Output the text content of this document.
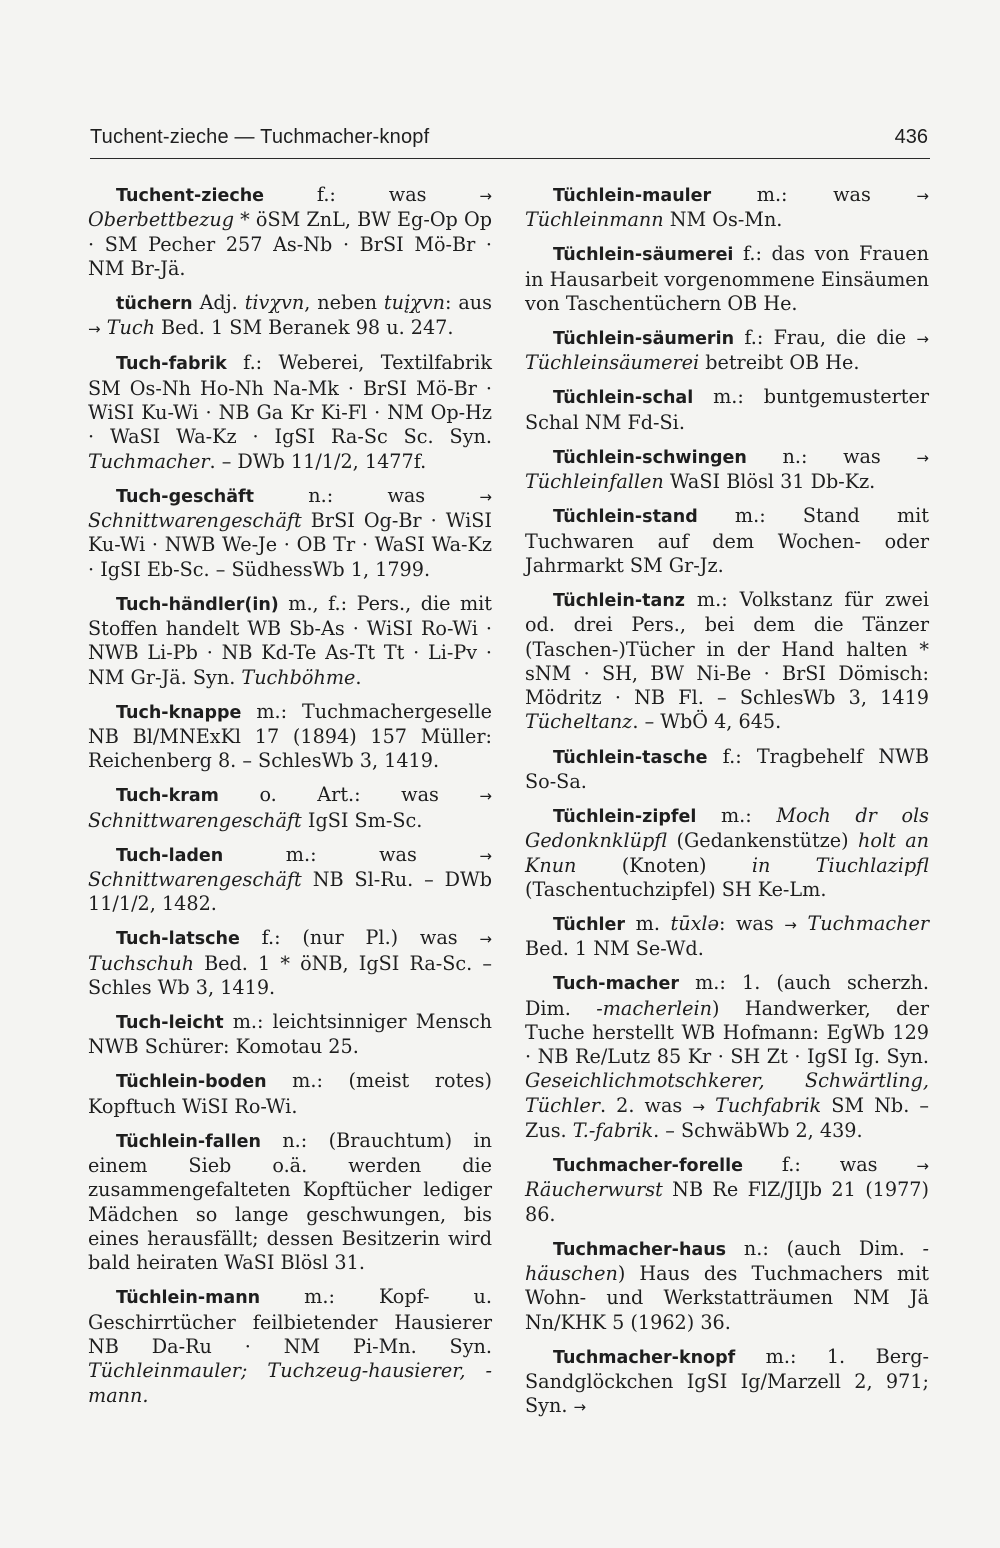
Tuchent-zieche — Tuchmacher-knopf	436

Tuchent-zieche f.: was → Oberbettbezug * öSM ZnL, BW Eg-Op Op · SM Pecher 257 As-Nb · BrSI Mö-Br · NM Br-Jä.

tüchern Adj. tivχvn, neben tuįχvn: aus → Tuch Bed. 1 SM Beranek 98 u. 247.

Tuch-fabrik f.: Weberei, Textilfabrik SM Os-Nh Ho-Nh Na-Mk · BrSI Mö-Br · WiSI Ku-Wi · NB Ga Kr Ki-Fl · NM Op-Hz · WaSI Wa-Kz · IgSI Ra-Sc Sc. Syn. Tuchmacher. – DWb 11/1/2, 1477f.

Tuch-geschäft n.: was → Schnittwarengeschäft BrSI Og-Br · WiSI Ku-Wi · NWB We-Je · OB Tr · WaSI Wa-Kz · IgSI Eb-Sc. – SüdhessWb 1, 1799.

Tuch-händler(in) m., f.: Pers., die mit Stoffen handelt WB Sb-As · WiSI Ro-Wi · NWB Li-Pb · NB Kd-Te As-Tt Tt · Li-Pv · NM Gr-Jä. Syn. Tuchböhme.

Tuch-knappe m.: Tuchmachergeselle NB Bl/MNExKl 17 (1894) 157 Müller: Reichenberg 8. – SchlesWb 3, 1419.

Tuch-kram o. Art.: was → Schnittwarengeschäft IgSI Sm-Sc.

Tuch-laden m.: was → Schnittwarengeschäft NB Sl-Ru. – DWb 11/1/2, 1482.

Tuch-latsche f.: (nur Pl.) was → Tuchschuh Bed. 1 * öNB, IgSI Ra-Sc. – Schles Wb 3, 1419.

Tuch-leicht m.: leichtsinniger Mensch NWB Schürer: Komotau 25.

Tüchlein-boden m.: (meist rotes) Kopftuch WiSI Ro-Wi.

Tüchlein-fallen n.: (Brauchtum) in einem Sieb o.ä. werden die zusammengefalteten Kopftücher lediger Mädchen so lange geschwungen, bis eines herausfällt; dessen Besitzerin wird bald heiraten WaSI Blösl 31.

Tüchlein-mann m.: Kopf- u. Geschirrtücher feilbietender Hausierer NB Da-Ru · NM Pi-Mn. Syn. Tüchleinmauler; Tuchzeug-hausierer, -mann.

Tüchlein-mauler m.: was → Tüchleinmann NM Os-Mn.

Tüchlein-säumerei f.: das von Frauen in Hausarbeit vorgenommene Einsäumen von Taschentüchern OB He.

Tüchlein-säumerin f.: Frau, die die → Tüchleinsäumerei betreibt OB He.

Tüchlein-schal m.: buntgemusterter Schal NM Fd-Si.

Tüchlein-schwingen n.: was → Tüchleinfallen WaSI Blösl 31 Db-Kz.

Tüchlein-stand m.: Stand mit Tuchwaren auf dem Wochen- oder Jahrmarkt SM Gr-Jz.

Tüchlein-tanz m.: Volkstanz für zwei od. drei Pers., bei dem die Tänzer (Taschen-)Tücher in der Hand halten * sNM · SH, BW Ni-Be · BrSI Dömisch: Mödritz · NB Fl. – SchlesWb 3, 1419 Tücheltanz. – WbÖ 4, 645.

Tüchlein-tasche f.: Tragbehelf NWB So-Sa.

Tüchlein-zipfel m.: Moch dr ols Gedonknklüpfl (Gedankenstütze) holt an Knun (Knoten) in Tiuchlazipfl (Taschentuchzipfel) SH Ke-Lm.

Tüchler m. tūxlə: was → Tuchmacher Bed. 1 NM Se-Wd.

Tuch-macher m.: 1. (auch scherzh. Dim. -macherlein) Handwerker, der Tuche herstellt WB Hofmann: EgWb 129 · NB Re/Lutz 85 Kr · SH Zt · IgSI Ig. Syn. Geseichlichmotschkerer, Schwärtling, Tüchler. 2. was → Tuchfabrik SM Nb. – Zus. T.-fabrik. – SchwäbWb 2, 439.

Tuchmacher-forelle f.: was → Räucherwurst NB Re FlZ/JIJb 21 (1977) 86.

Tuchmacher-haus n.: (auch Dim. -häuschen) Haus des Tuchmachers mit Wohn- und Werkstatträumen NM Jä Nn/KHK 5 (1962) 36.

Tuchmacher-knopf m.: 1. Berg-Sandglöckchen IgSI Ig/Marzell 2, 971; Syn. →
